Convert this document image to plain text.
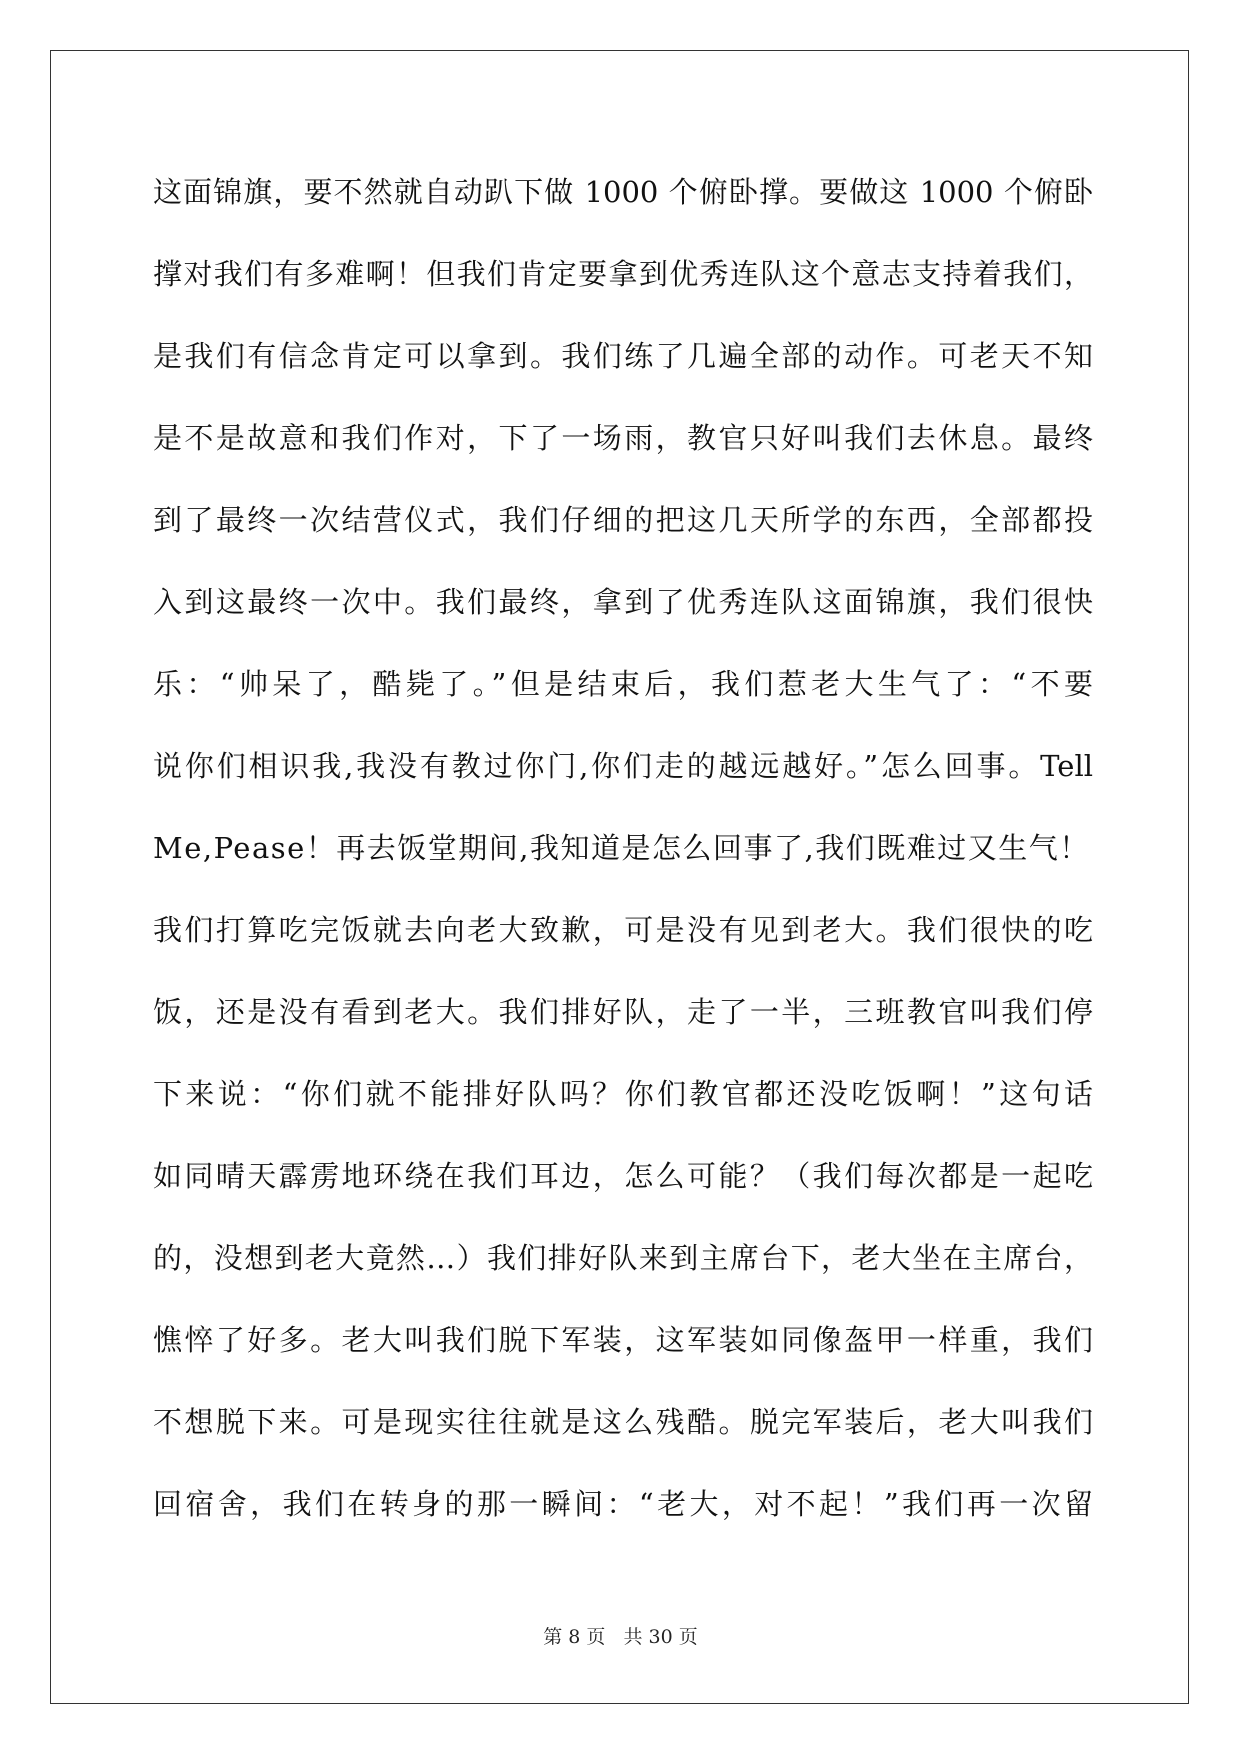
这面锦旗，要不然就自动趴下做 1000 个俯卧撑。要做这 1000 个俯卧
撑对我们有多难啊！但我们肯定要拿到优秀连队这个意志支持着我们，
是我们有信念肯定可以拿到。我们练了几遍全部的动作。可老天不知
是不是故意和我们作对，下了一场雨，教官只好叫我们去休息。最终
到了最终一次结营仪式，我们仔细的把这几天所学的东西，全部都投
入到这最终一次中。我们最终，拿到了优秀连队这面锦旗，我们很快
乐：“帅呆了，酷毙了。”但是结束后，我们惹老大生气了：“不要
说你们相识我,我没有教过你门,你们走的越远越好。”怎么回事。Tell
Me,Pease！再去饭堂期间,我知道是怎么回事了,我们既难过又生气！
我们打算吃完饭就去向老大致歉，可是没有见到老大。我们很快的吃
饭，还是没有看到老大。我们排好队，走了一半，三班教官叫我们停
下来说：“你们就不能排好队吗？你们教官都还没吃饭啊！”这句话
如同晴天霹雳地环绕在我们耳边，怎么可能？（我们每次都是一起吃
的，没想到老大竟然…）我们排好队来到主席台下，老大坐在主席台，
憔悴了好多。老大叫我们脱下军装，这军装如同像盔甲一样重，我们
不想脱下来。可是现实往往就是这么残酷。脱完军装后，老大叫我们
回宿舍，我们在转身的那一瞬间：“老大，对不起！”我们再一次留
第 8 页   共 30 页
